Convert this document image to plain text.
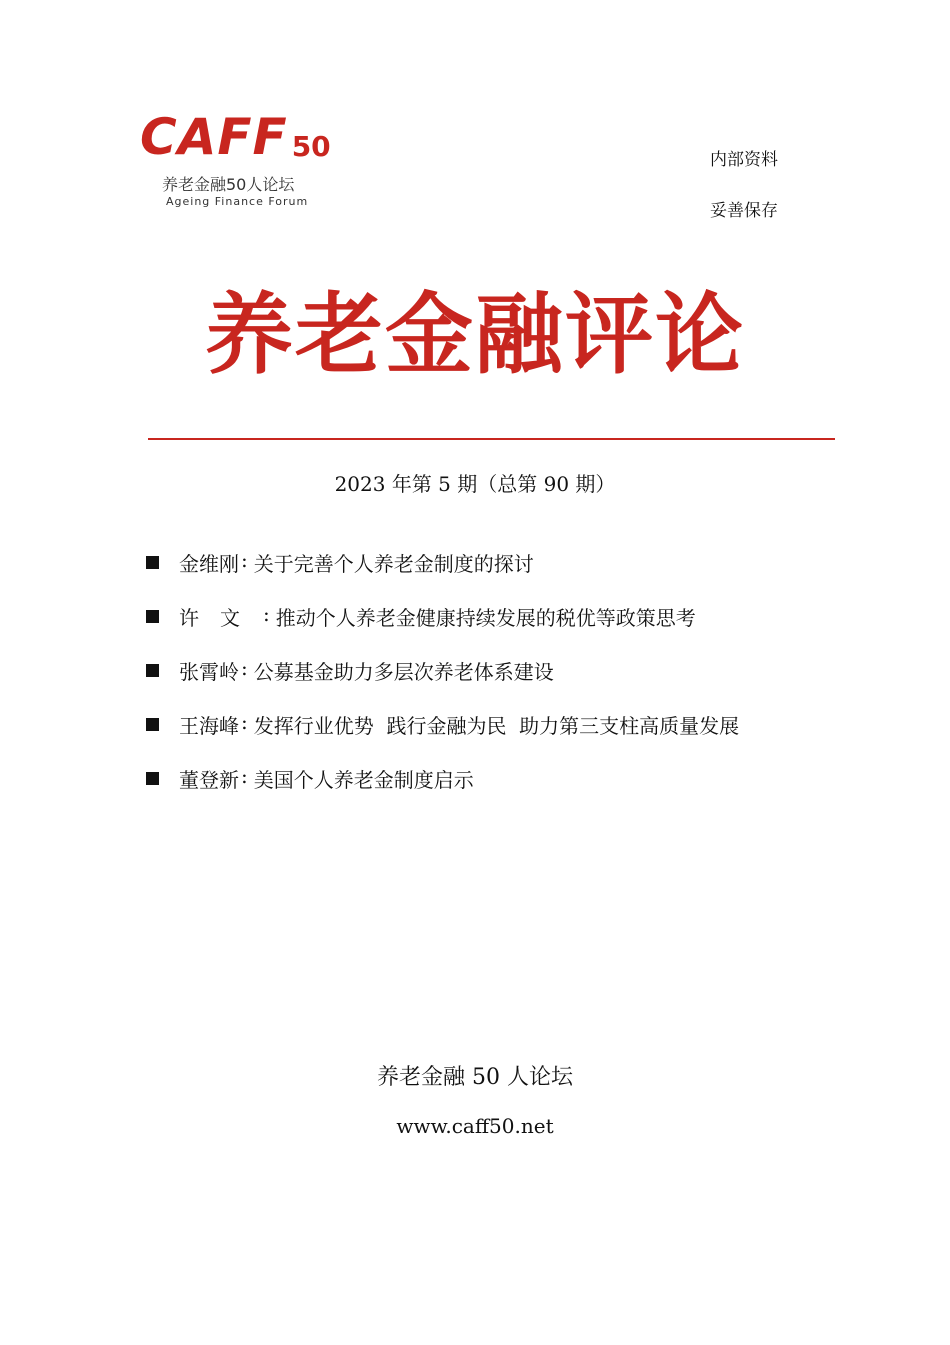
CAFF 50
养老金融50人论坛
Ageing Finance Forum
内部资料
妥善保存
养老金融评论
2023 年第 5 期（总第 90 期）
金维刚 : 关于完善个人养老金制度的探讨
许文 : 推动个人养老金健康持续发展的税优等政策思考
张霄岭 : 公募基金助力多层次养老体系建设
王海峰 : 发挥行业优势  践行金融为民  助力第三支柱高质量发展
董登新 : 美国个人养老金制度启示
养老金融 50 人论坛
www.caff50.net
